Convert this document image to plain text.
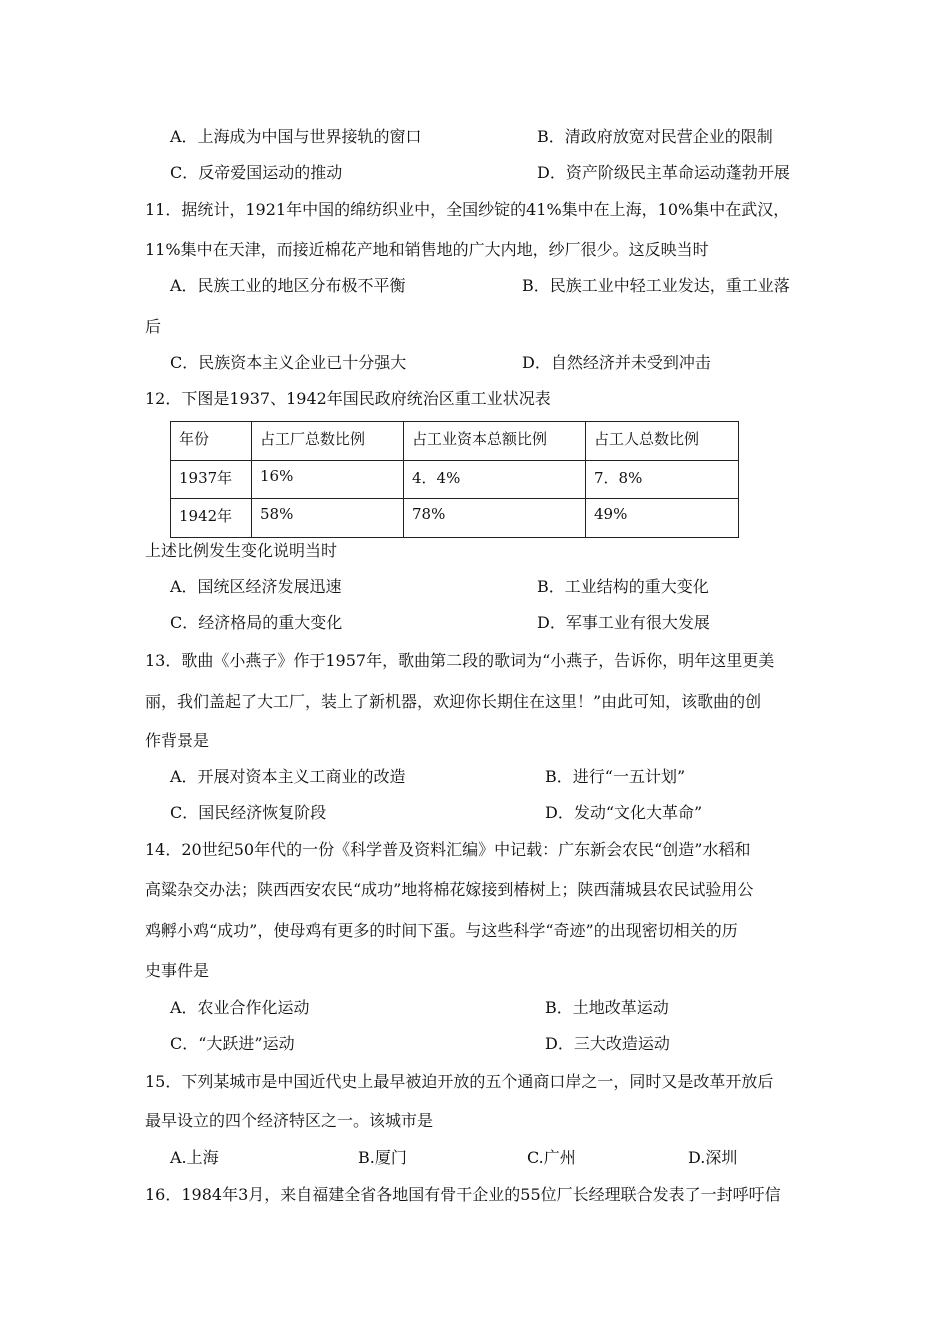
A．上海成为中国与世界接轨的窗口	B．清政府放宽对民营企业的限制
C．反帝爱国运动的推动	D．资产阶级民主革命运动蓬勃开展
11．据统计，1921年中国的绵纺织业中，全国纱锭的41%集中在上海，10%集中在武汉，
11%集中在天津，而接近棉花产地和销售地的广大内地，纱厂很少。这反映当时
A．民族工业的地区分布极不平衡	B．民族工业中轻工业发达，重工业落
后
C．民族资本主义企业已十分强大	D．自然经济并未受到冲击
12．下图是1937、1942年国民政府统治区重工业状况表
年份	占工厂总数比例	占工业资本总额比例	占工人总数比例
1937年	16%	4．4%	7．8%
1942年	58%	78%	49%
上述比例发生变化说明当时
A．国统区经济发展迅速	B．工业结构的重大变化
C．经济格局的重大变化	D．军事工业有很大发展
13．歌曲《小燕子》作于1957年，歌曲第二段的歌词为“小燕子，告诉你，明年这里更美
丽，我们盖起了大工厂，装上了新机器，欢迎你长期住在这里！”由此可知，该歌曲的创
作背景是
A．开展对资本主义工商业的改造	B．进行“一五计划”
C．国民经济恢复阶段	D．发动“文化大革命”
14．20世纪50年代的一份《科学普及资料汇编》中记载：广东新会农民“创造”水稻和
高粱杂交办法；陕西西安农民“成功”地将棉花嫁接到椿树上；陕西蒲城县农民试验用公
鸡孵小鸡“成功”，使母鸡有更多的时间下蛋。与这些科学“奇迹”的出现密切相关的历
史事件是
A．农业合作化运动	B．土地改革运动
C．“大跃进”运动	D．三大改造运动
15．下列某城市是中国近代史上最早被迫开放的五个通商口岸之一，同时又是改革开放后
最早设立的四个经济特区之一。该城市是
A.上海	B.厦门	C.广州	D.深圳
16．1984年3月，来自福建全省各地国有骨干企业的55位厂长经理联合发表了一封呼吁信
